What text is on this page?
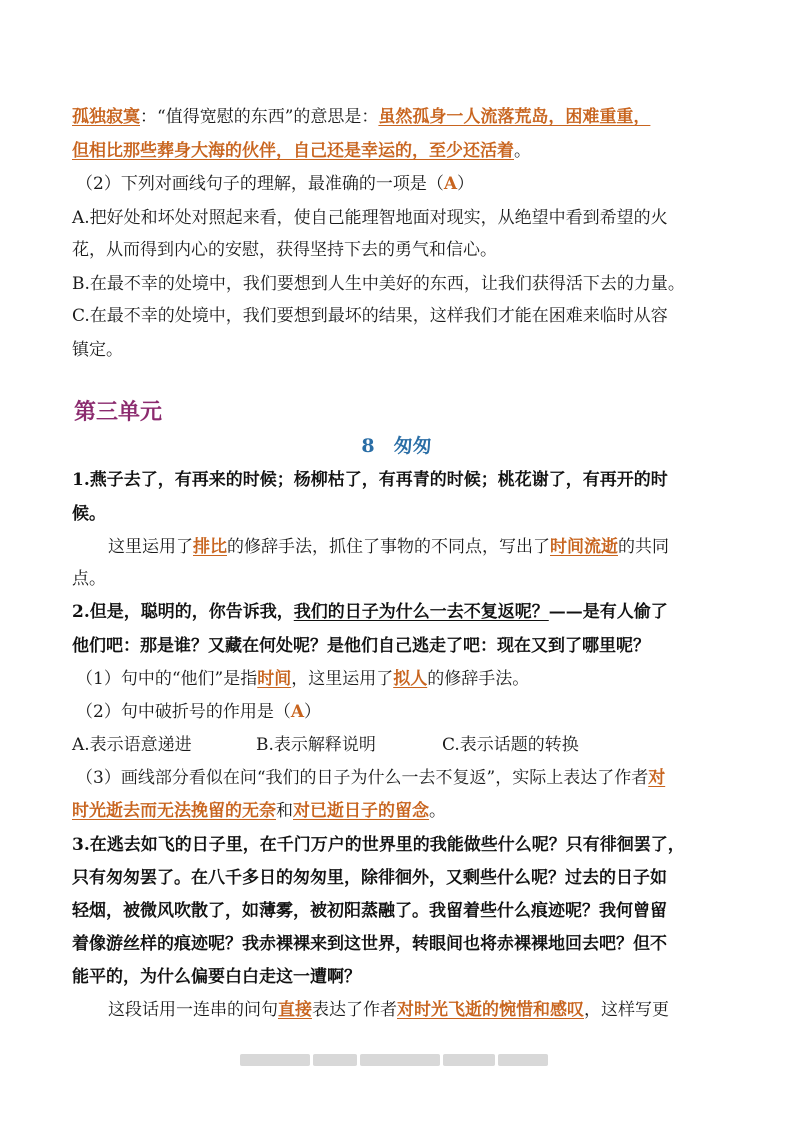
孤独寂寞：“值得宽慰的东西”的意思是：虽然孤身一人流落荒岛，困难重重，
但相比那些葬身大海的伙伴，自己还是幸运的，至少还活着。
（2）下列对画线句子的理解，最准确的一项是（A）
A.把好处和坏处对照起来看，使自己能理智地面对现实，从绝望中看到希望的火
花，从而得到内心的安慰，获得坚持下去的勇气和信心。
B.在最不幸的处境中，我们要想到人生中美好的东西，让我们获得活下去的力量。
C.在最不幸的处境中，我们要想到最坏的结果，这样我们才能在困难来临时从容
镇定。
第三单元
8　匆匆
1.燕子去了，有再来的时候；杨柳枯了，有再青的时候；桃花谢了，有再开的时
候。
这里运用了排比的修辞手法，抓住了事物的不同点，写出了时间流逝的共同
点。
2.但是，聪明的，你告诉我，我们的日子为什么一去不复返呢？——是有人偷了
他们吧：那是谁？又藏在何处呢？是他们自己逃走了吧：现在又到了哪里呢？
（1）句中的“他们”是指时间，这里运用了拟人的修辞手法。
（2）句中破折号的作用是（A）
A.表示语意递进	B.表示解释说明	C.表示话题的转换
（3）画线部分看似在问“我们的日子为什么一去不复返”，实际上表达了作者对
时光逝去而无法挽留的无奈和对已逝日子的留念。
3.在逃去如飞的日子里，在千门万户的世界里的我能做些什么呢？只有徘徊罢了，
只有匆匆罢了。在八千多日的匆匆里，除徘徊外，又剩些什么呢？过去的日子如
轻烟，被微风吹散了，如薄雾，被初阳蒸融了。我留着些什么痕迹呢？我何曾留
着像游丝样的痕迹呢？我赤裸裸来到这世界，转眼间也将赤裸裸地回去吧？但不
能平的，为什么偏要白白走这一遭啊？
这段话用一连串的问句直接表达了作者对时光飞逝的惋惜和感叹，这样写更
